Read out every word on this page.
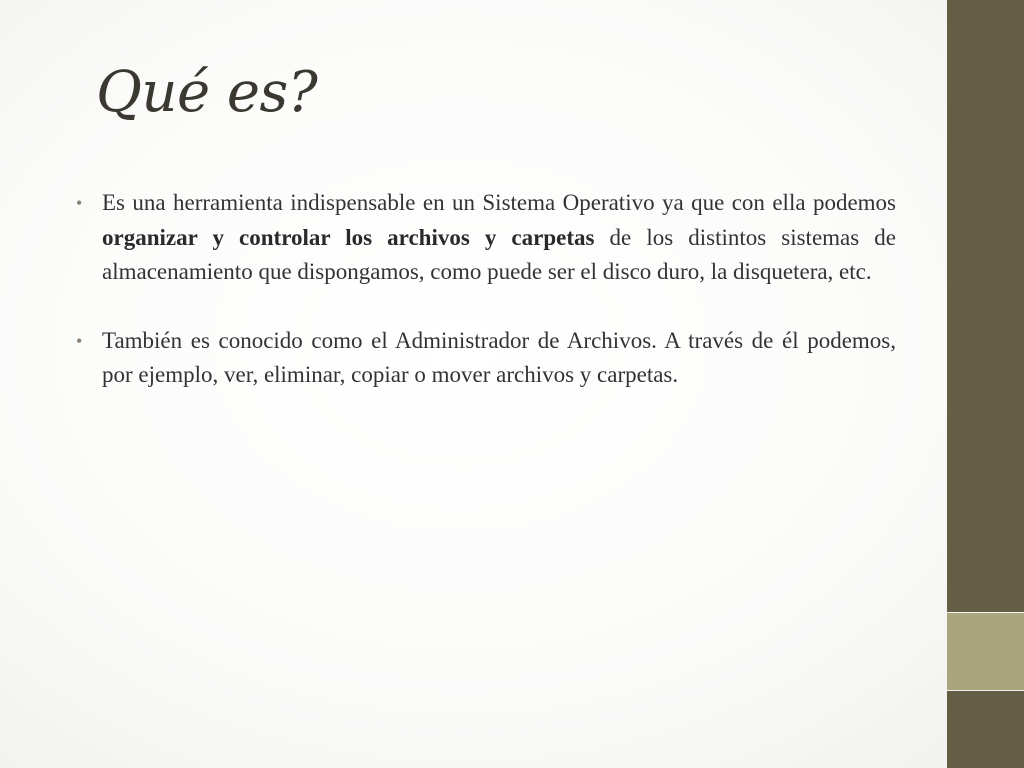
Qué es?
• Es una herramienta indispensable en un Sistema Operativo ya que con ella podemos organizar y controlar los archivos y carpetas de los distintos sistemas de almacenamiento que dispongamos, como puede ser el disco duro, la disquetera, etc.
• También es conocido como el Administrador de Archivos. A través de él podemos, por ejemplo, ver, eliminar, copiar o mover archivos y carpetas.
